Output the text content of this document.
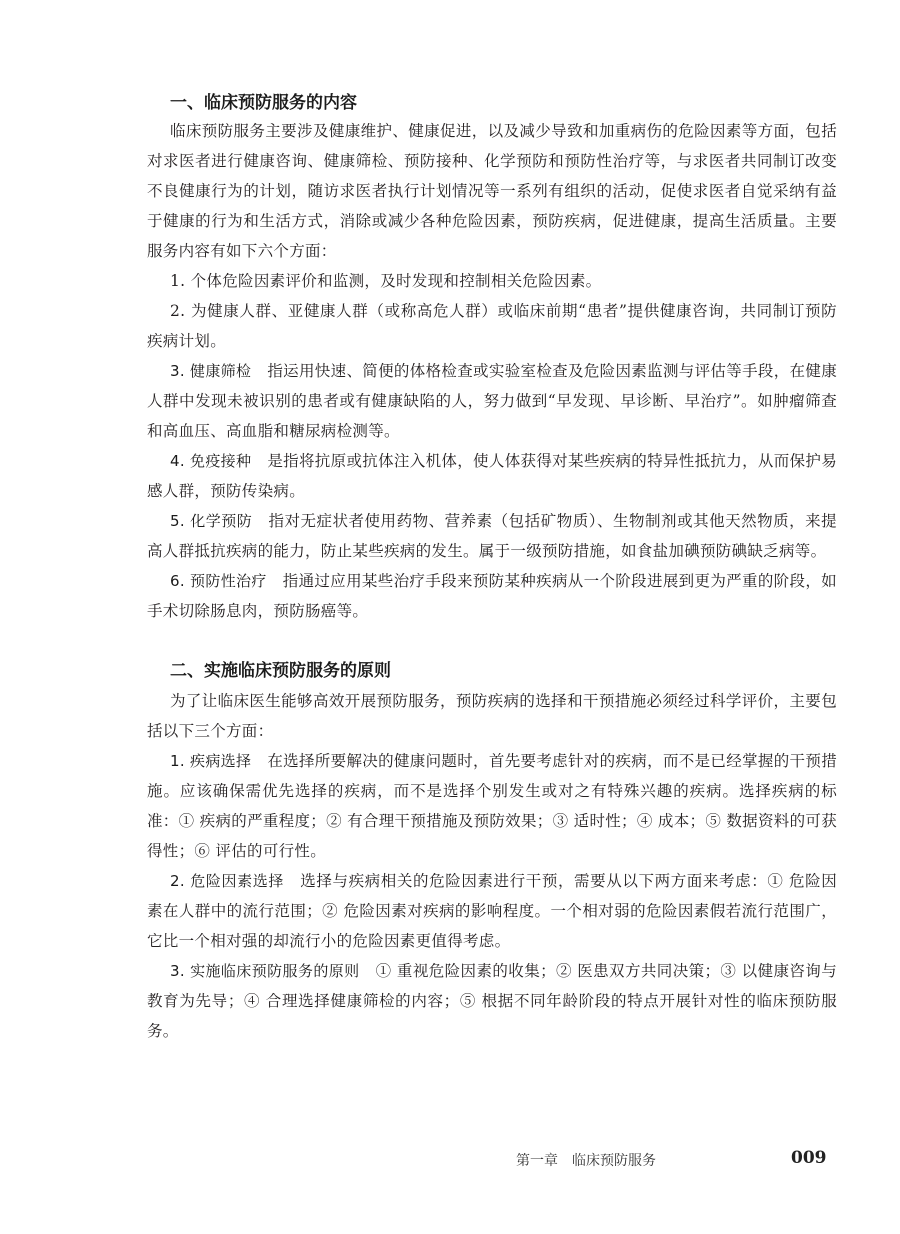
一、临床预防服务的内容

临床预防服务主要涉及健康维护、健康促进，以及减少导致和加重病伤的危险因素等方面，包括对求医者进行健康咨询、健康筛检、预防接种、化学预防和预防性治疗等，与求医者共同制订改变不良健康行为的计划，随访求医者执行计划情况等一系列有组织的活动，促使求医者自觉采纳有益于健康的行为和生活方式，消除或减少各种危险因素，预防疾病，促进健康，提高生活质量。主要服务内容有如下六个方面：

1. 个体危险因素评价和监测，及时发现和控制相关危险因素。

2. 为健康人群、亚健康人群（或称高危人群）或临床前期“患者”提供健康咨询，共同制订预防疾病计划。

3. 健康筛检 指运用快速、简便的体格检查或实验室检查及危险因素监测与评估等手段，在健康人群中发现未被识别的患者或有健康缺陷的人，努力做到“早发现、早诊断、早治疗”。如肿瘤筛查和高血压、高血脂和糖尿病检测等。

4. 免疫接种 是指将抗原或抗体注入机体，使人体获得对某些疾病的特异性抵抗力，从而保护易感人群，预防传染病。

5. 化学预防 指对无症状者使用药物、营养素（包括矿物质）、生物制剂或其他天然物质，来提高人群抵抗疾病的能力，防止某些疾病的发生。属于一级预防措施，如食盐加碘预防碘缺乏病等。

6. 预防性治疗 指通过应用某些治疗手段来预防某种疾病从一个阶段进展到更为严重的阶段，如手术切除肠息肉，预防肠癌等。

二、实施临床预防服务的原则

为了让临床医生能够高效开展预防服务，预防疾病的选择和干预措施必须经过科学评价，主要包括以下三个方面：

1. 疾病选择 在选择所要解决的健康问题时，首先要考虑针对的疾病，而不是已经掌握的干预措施。应该确保需优先选择的疾病，而不是选择个别发生或对之有特殊兴趣的疾病。选择疾病的标准：① 疾病的严重程度；② 有合理干预措施及预防效果；③ 适时性；④ 成本；⑤ 数据资料的可获得性；⑥ 评估的可行性。

2. 危险因素选择 选择与疾病相关的危险因素进行干预，需要从以下两方面来考虑：① 危险因素在人群中的流行范围；② 危险因素对疾病的影响程度。一个相对弱的危险因素假若流行范围广，它比一个相对强的却流行小的危险因素更值得考虑。

3. 实施临床预防服务的原则 ① 重视危险因素的收集；② 医患双方共同决策；③ 以健康咨询与教育为先导；④ 合理选择健康筛检的内容；⑤ 根据不同年龄阶段的特点开展针对性的临床预防服务。

第一章　临床预防服务	009
